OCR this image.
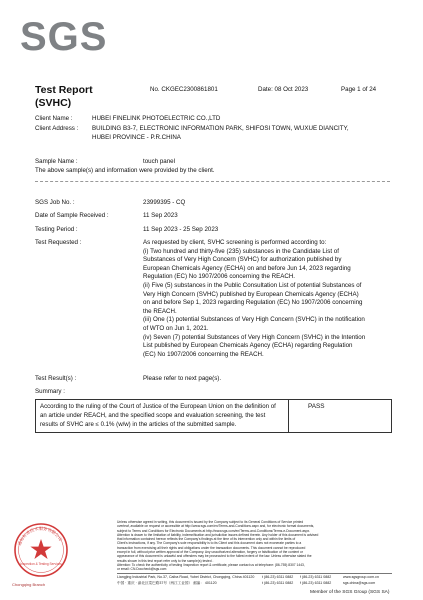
SGS
Test Report
(SVHC)
No. CKGEC2300861801	Date: 08 Oct 2023	Page 1 of 24
Client Name :	HUBEI FINELINK PHOTOELECTRIC CO.,LTD
Client Address : BUILDING B3-7, ELECTRONIC INFORMATION PARK, SHIFOSI TOWN, WUXUE DIANCITY,
HUBEI PROVINCE - P.R.CHINA
Sample Name :	touch panel
The above sample(s) and information were provided by the client.
SGS Job No. :	23999395 - CQ
Date of Sample Received :	11 Sep 2023
Testing Period :	11 Sep 2023 - 25 Sep 2023
Test Requested :	As requested by client, SVHC screening is performed according to:
(i) Two hundred and thirty-five (235) substances in the Candidate List of
Substances of Very High Concern (SVHC) for authorization published by
European Chemicals Agency (ECHA) on and before Jun 14, 2023 regarding
Regulation (EC) No 1907/2006 concerning the REACH.
(ii) Five (5) substances in the Public Consultation List of potential Substances of
Very High Concern (SVHC) published by European Chemicals Agency (ECHA)
on and before Sep 1, 2023 regarding Regulation (EC) No 1907/2006 concerning
the REACH.
(iii) One (1) potential Substances of Very High Concern (SVHC) in the notification
of WTO on Jun 1, 2021.
(iv) Seven (7) potential Substances of Very High Concern (SVHC) in the Intention
List published by European Chemicals Agency (ECHA) regarding Regulation
(EC) No 1907/2006 concerning the REACH.
Test Result(s) :	Please refer to next page(s).
Summary :
According to the ruling of the Court of Justice of the European Union on the definition of
an article under REACH, and the specified scope and evaluation screening, the test
results of SVHC are ≤ 0.1% (w/w) in the articles of the submitted sample.
PASS
Unless otherwise agreed in writing, this document is issued by the Company subject to its General Conditions of Service printed
overleaf, available on request or accessible at http://www.sgs.com/en/Terms-and-Conditions.aspx and, for electronic format documents,
subject to Terms and Conditions for Electronic Documents at http://www.sgs.com/en/Terms-and-Conditions/Terms-e-Document.aspx.
Attention is drawn to the limitation of liability, indemnification and jurisdiction issues defined therein. Any holder of this document is advised
that information contained hereon reflects the Company's findings at the time of its intervention only and within the limits of
Client's instructions, if any. The Company's sole responsibility is to its Client and this document does not exonerate parties to a
transaction from exercising all their rights and obligations under the transaction documents. This document cannot be reproduced
except in full, without prior written approval of the Company. Any unauthorized alteration, forgery or falsification of the content or
appearance of this document is unlawful and offenders may be prosecuted to the fullest extent of the law. Unless otherwise stated the
results shown in this test report refer only to the sample(s) tested .
Attention: To check the authenticity of testing /inspection report & certificate, please contact us at telephone: (86-755) 8307 1443,
or email: CN.Doccheck@sgs.com
Liangjing Industrial Park, No.37, Caiba Road, Yubei District, Chongqing, China 401120
中国 · 重庆 · 渝北区菜巴路37号（两江工业园） 邮编： 401120
t (86-23) 6311 0882
t (86-23) 6311 0882
f (86-23) 6311 0882
f (86-23) 6311 0882
www.sgsgroup.com.cn
sgs.china@sgs.com
Member of the SGS Group (SGS SA)
通标标准技术服务有限公司
Inspection & Testing Services
Chongqing Branch
